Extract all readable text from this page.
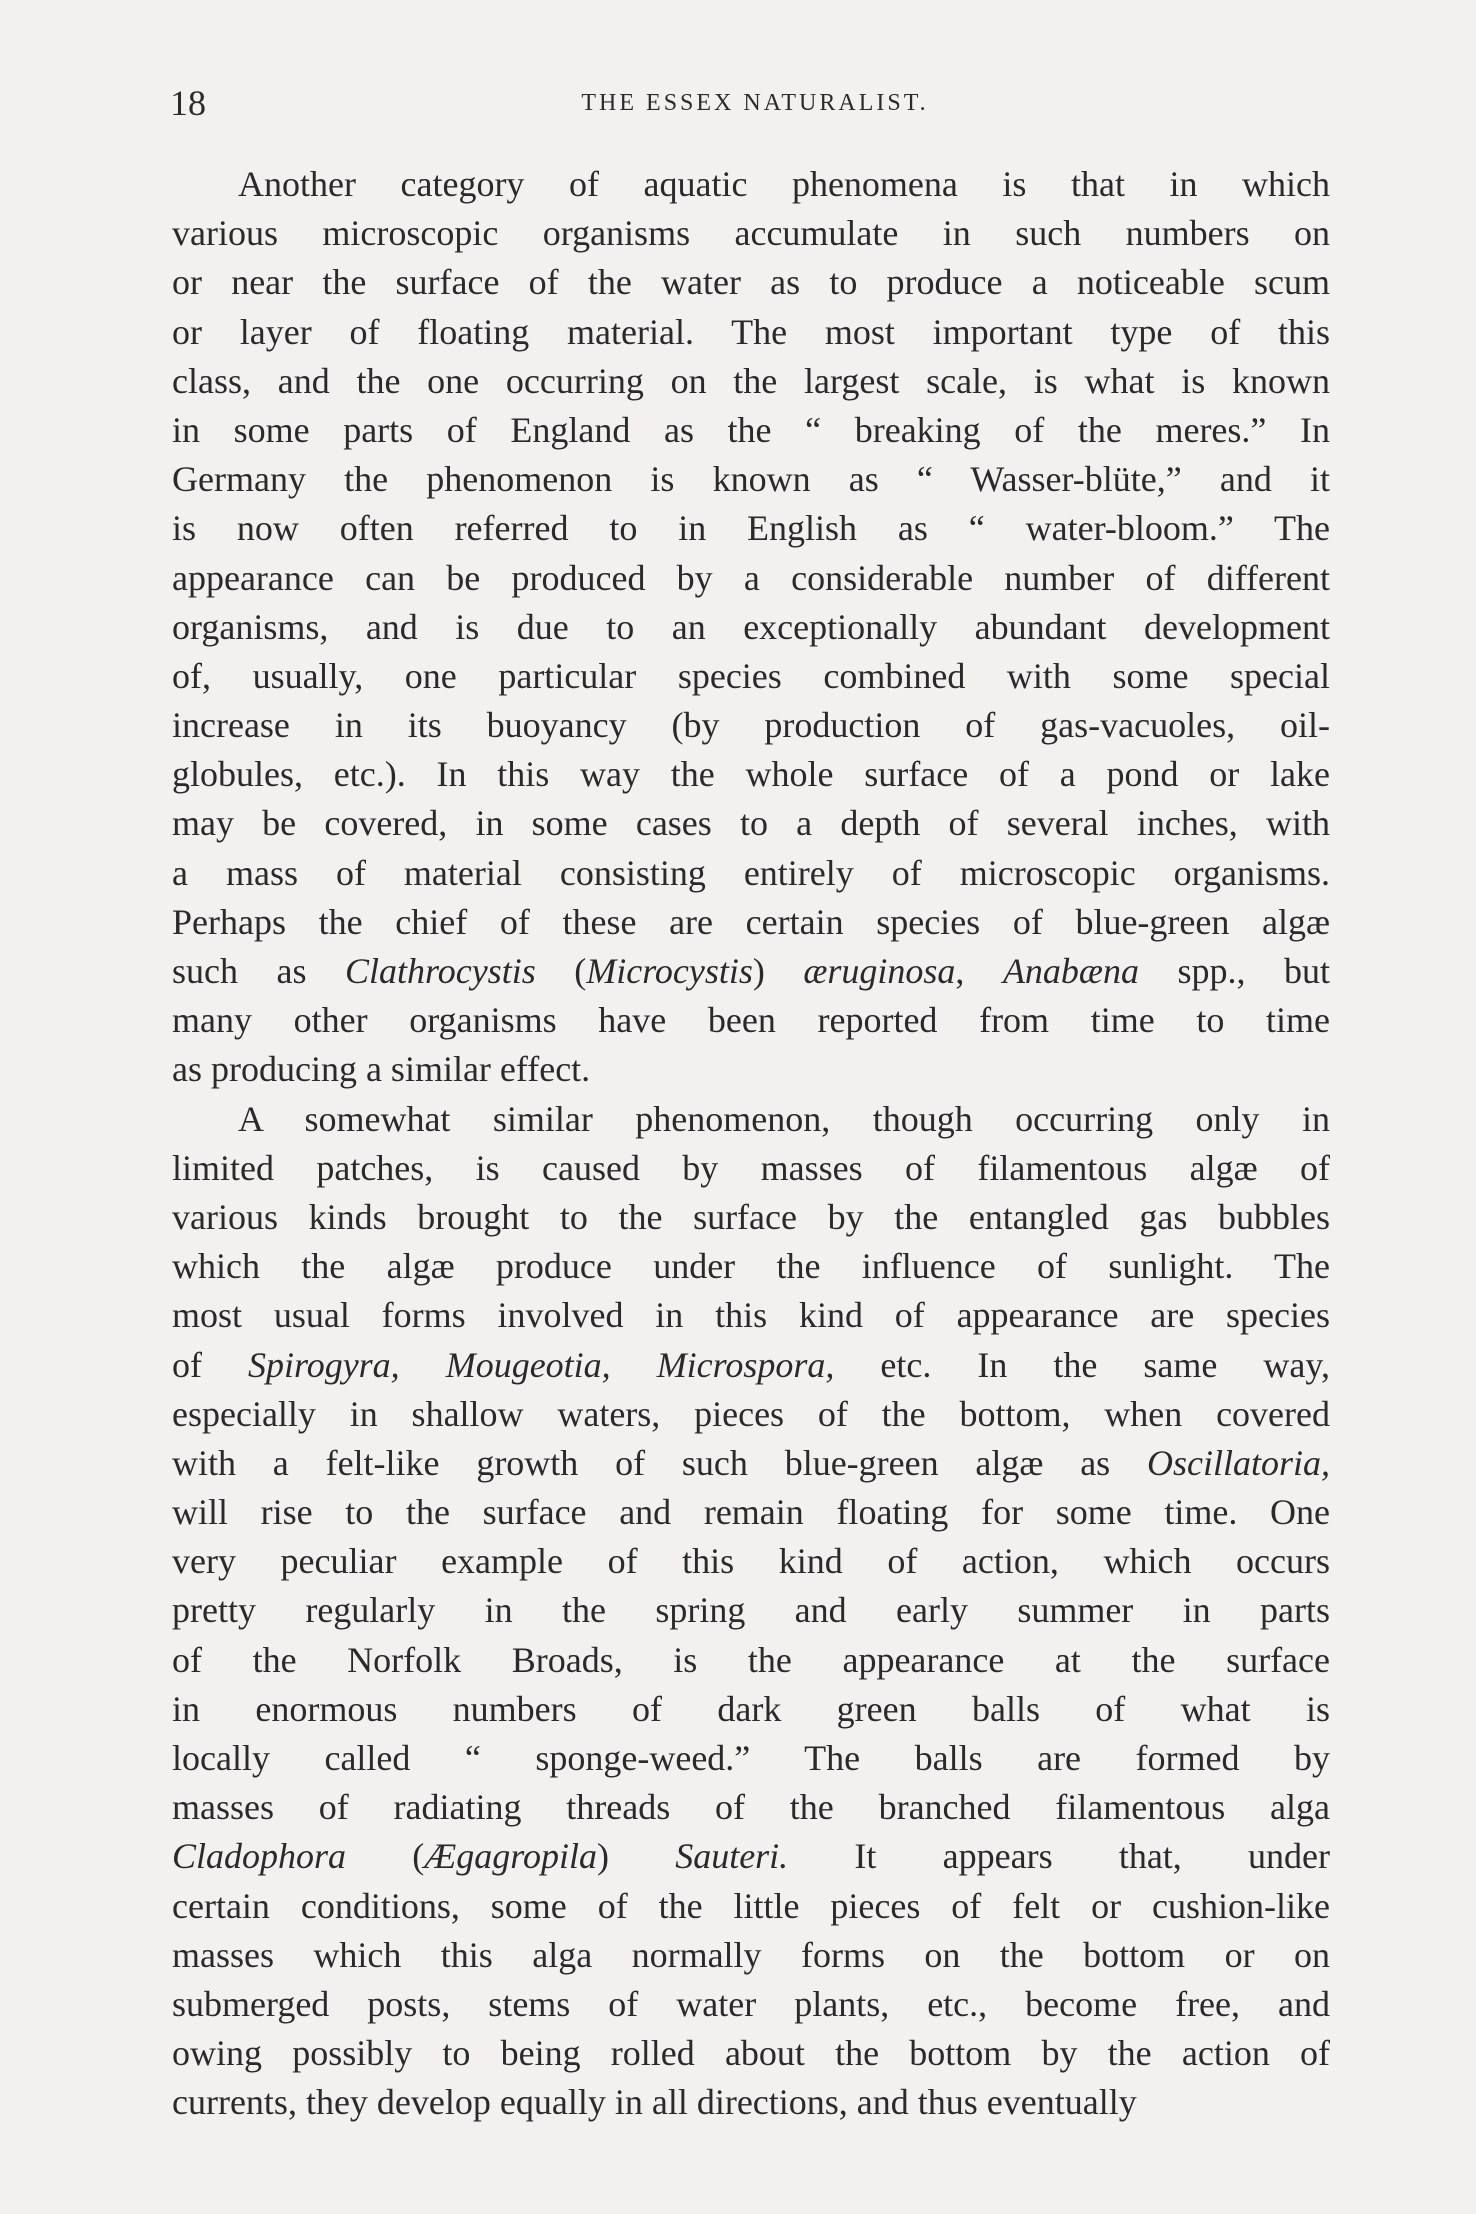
18	THE ESSEX NATURALIST.
Another category of aquatic phenomena is that in which
various microscopic organisms accumulate in such numbers on
or near the surface of the water as to produce a noticeable scum
or layer of floating material. The most important type of this
class, and the one occurring on the largest scale, is what is known
in some parts of England as the “ breaking of the meres.” In
Germany the phenomenon is known as “ Wasser-blüte,” and it
is now often referred to in English as “ water-bloom.” The
appearance can be produced by a considerable number of different
organisms, and is due to an exceptionally abundant development
of, usually, one particular species combined with some special
increase in its buoyancy (by production of gas-vacuoles, oil-
globules, etc.). In this way the whole surface of a pond or lake
may be covered, in some cases to a depth of several inches, with
a mass of material consisting entirely of microscopic organisms.
Perhaps the chief of these are certain species of blue-green algæ
such as Clathrocystis (Microcystis) æruginosa, Anabæna spp., but
many other organisms have been reported from time to time
as producing a similar effect.
A somewhat similar phenomenon, though occurring only in
limited patches, is caused by masses of filamentous algæ of
various kinds brought to the surface by the entangled gas bubbles
which the algæ produce under the influence of sunlight. The
most usual forms involved in this kind of appearance are species
of Spirogyra, Mougeotia, Microspora, etc. In the same way,
especially in shallow waters, pieces of the bottom, when covered
with a felt-like growth of such blue-green algæ as Oscillatoria,
will rise to the surface and remain floating for some time. One
very peculiar example of this kind of action, which occurs
pretty regularly in the spring and early summer in parts
of the Norfolk Broads, is the appearance at the surface
in enormous numbers of dark green balls of what is
locally called “ sponge-weed.” The balls are formed by
masses of radiating threads of the branched filamentous alga
Cladophora (Ægagropila) Sauteri. It appears that, under
certain conditions, some of the little pieces of felt or cushion-like
masses which this alga normally forms on the bottom or on
submerged posts, stems of water plants, etc., become free, and
owing possibly to being rolled about the bottom by the action of
currents, they develop equally in all directions, and thus eventually
